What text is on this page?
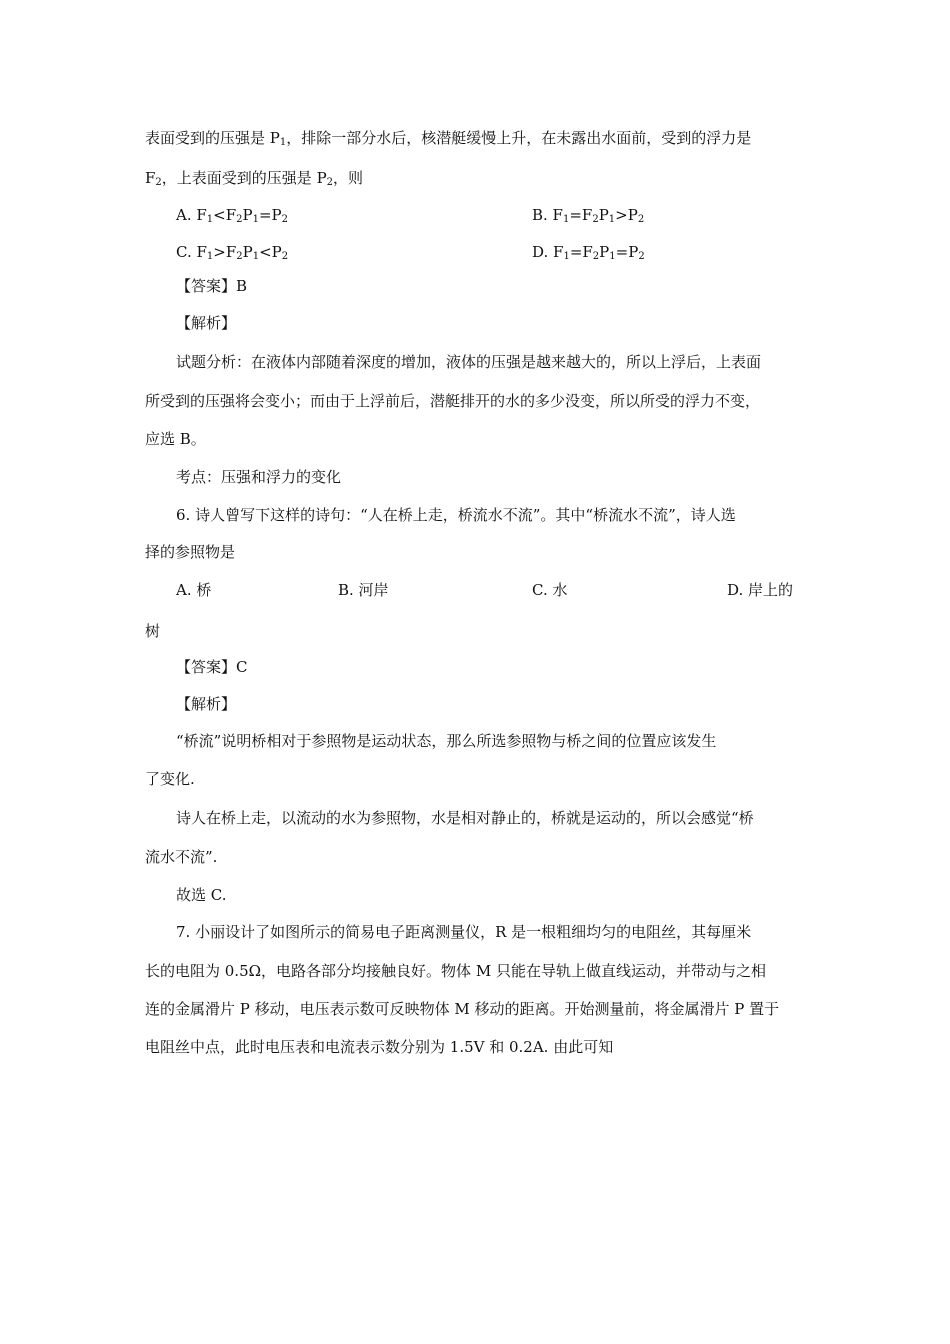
表面受到的压强是 $P_1$，排除一部分水后，核潜艇缓慢上升，在未露出水面前，受到的浮力是
$F_2$，上表面受到的压强是 $P_2$，则
A. $F_1<F_2P_1=P_2$	B. $F_1=F_2P_1>P_2$
C. $F_1>F_2P_1<P_2$	D. $F_1=F_2P_1=P_2$
【答案】B
【解析】
试题分析：在液体内部随着深度的增加，液体的压强是越来越大的，所以上浮后，上表面
所受到的压强将会变小；而由于上浮前后，潜艇排开的水的多少没变，所以所受的浮力不变，
应选 B。
考点：压强和浮力的变化
6. 诗人曾写下这样的诗句：“人在桥上走，桥流水不流”。其中“桥流水不流”，诗人选
择的参照物是
A. 桥	B. 河岸	C. 水	D. 岸上的
树
【答案】C
【解析】
“桥流”说明桥相对于参照物是运动状态，那么所选参照物与桥之间的位置应该发生
了变化.
诗人在桥上走，以流动的水为参照物，水是相对静止的，桥就是运动的，所以会感觉“桥
流水不流”.
故选 C.
7. 小丽设计了如图所示的简易电子距离测量仪，R 是一根粗细均匀的电阻丝，其每厘米
长的电阻为 0.5Ω，电路各部分均接触良好。物体 M 只能在导轨上做直线运动，并带动与之相
连的金属滑片 P 移动，电压表示数可反映物体 M 移动的距离。开始测量前，将金属滑片 P 置于
电阻丝中点，此时电压表和电流表示数分别为 1.5V 和 0.2A. 由此可知
